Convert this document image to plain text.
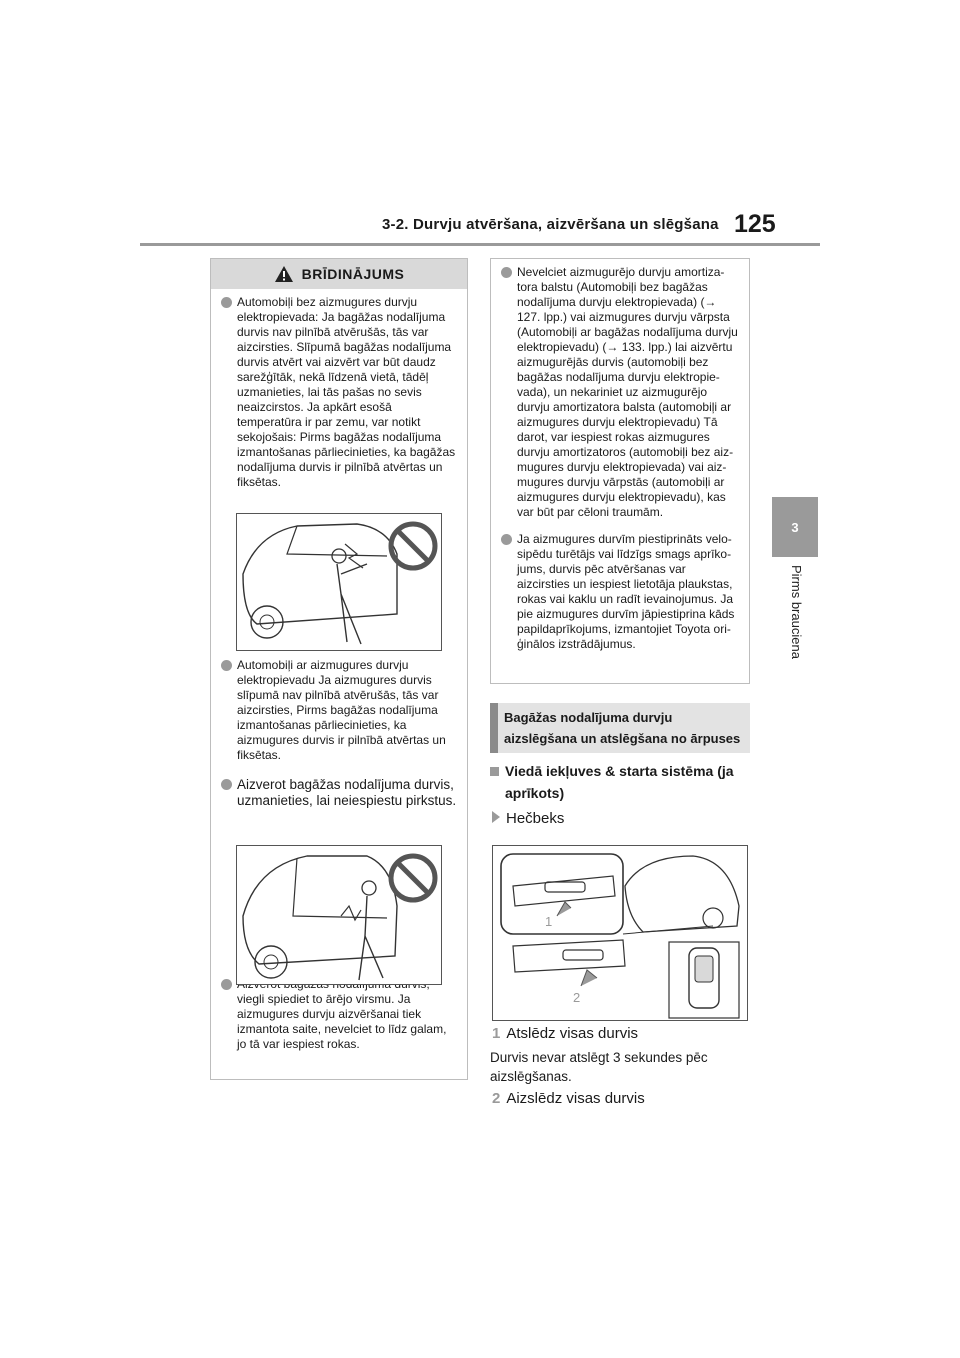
3-2. Durvju atvēršana, aizvēršana un slēgšana 125
3
Pirms brauciena
BRĪDINĀJUMS
Automobiļi bez aizmugures durvju elektropievada: Ja bagāžas nodalījuma durvis nav pilnībā atvērušās, tās var aizcirsties. Slīpumā bagāžas nodalījuma durvis atvērt vai aizvērt var būt daudz sarežģītāk, nekā līdzenā vietā, tādēļ uzmanieties, lai tās pašas no sevis neaizcirstos. Ja apkārt esošā temperatūra ir par zemu, var notikt sekojošais: Pirms bagāžas nodalījuma izmantošanas pārliecinieties, ka bagāžas nodalījuma durvis ir pilnībā atvērtas un fiksētas.
Automobiļi ar aizmugures durvju elektropievadu Ja aizmugures durvis slīpumā nav pilnībā atvērušās, tās var aizcirsties, Pirms bagāžas nodalījuma izmantošanas pārliecinieties, ka aizmugures durvis ir pilnībā atvērtas un fiksētas.
Aizverot bagāžas nodalījuma durvis, uzmanieties, lai neiespiestu pirkstus.
viegli spiediet to ārējo virsmu. Ja aizmugures durvju aizvēršanai tiek izmantota saite, nevelciet to līdz galam, jo tā var iespiest rokas.
Nevelciet aizmugurējo durvju amortiza-tora balstu (Automobiļi bez bagāžas nodalījuma durvju elektropievada) (→ 127. lpp.) vai aizmugures durvju vārpsta (Automobiļi ar bagāžas nodalījuma durvju elektropievadu) (→ 133. lpp.) lai aizvērtu aizmugurējās durvis (automobiļi bez bagāžas nodalījuma durvju elektropie-vada), un nekariniet uz aizmugurējo durvju amortizatora balsta (automobiļi ar aizmugures durvju elektropievadu) Tā darot, var iespiest rokas aizmugures durvju amortizatoros (automobiļi bez aiz-mugures durvju elektropievada) vai aiz-mugures durvju vārpstās (automobiļi ar aizmugures durvju elektropievadu), kas var būt par cēloni traumām.
Ja aizmugures durvīm piestiprināts velo-sipēdu turētājs vai līdzīgs smags aprīko-jums, durvis pēc atvēršanas var aizcirsties un iespiest lietotāja plaukstas, rokas vai kaklu un radīt ievainojumus. Ja pie aizmugures durvīm jāpiestiprina kāds papildaprīkojums, izmantojiet Toyota ori-ģinālos izstrādājumus.
Bagāžas nodalījuma durvju
aizslēgšana un atslēgšana no ārpuses
Viedā iekļuves & starta sistēma (ja
aprīkots)
Hečbeks
1
2
1 Atslēdz visas durvis
Durvis nevar atslēgt 3 sekundes pēc aizslēgšanas.
2 Aizslēdz visas durvis
